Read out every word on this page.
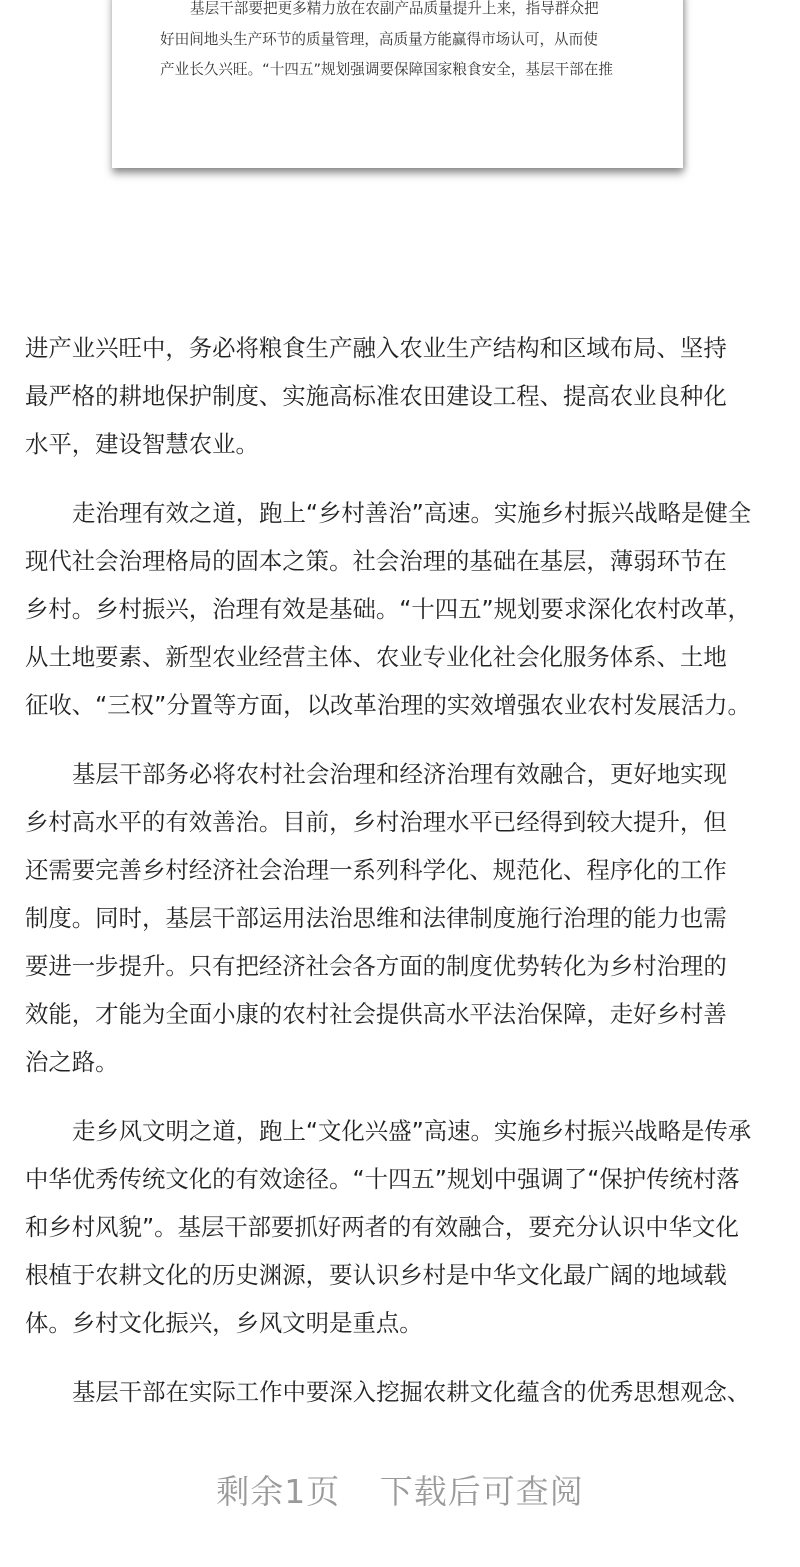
基层干部要把更多精力放在农副产品质量提升上来，指导群众把
好田间地头生产环节的质量管理，高质量方能赢得市场认可，从而使
产业长久兴旺。“十四五”规划强调要保障国家粮食安全，基层干部在推
进产业兴旺中，务必将粮食生产融入农业生产结构和区域布局、坚持
最严格的耕地保护制度、实施高标准农田建设工程、提高农业良种化
水平，建设智慧农业。
走治理有效之道，跑上“乡村善治”高速。实施乡村振兴战略是健全
现代社会治理格局的固本之策。社会治理的基础在基层，薄弱环节在
乡村。乡村振兴，治理有效是基础。“十四五”规划要求深化农村改革，
从土地要素、新型农业经营主体、农业专业化社会化服务体系、土地
征收、“三权”分置等方面，以改革治理的实效增强农业农村发展活力。
基层干部务必将农村社会治理和经济治理有效融合，更好地实现
乡村高水平的有效善治。目前，乡村治理水平已经得到较大提升，但
还需要完善乡村经济社会治理一系列科学化、规范化、程序化的工作
制度。同时，基层干部运用法治思维和法律制度施行治理的能力也需
要进一步提升。只有把经济社会各方面的制度优势转化为乡村治理的
效能，才能为全面小康的农村社会提供高水平法治保障，走好乡村善
治之路。
走乡风文明之道，跑上“文化兴盛”高速。实施乡村振兴战略是传承
中华优秀传统文化的有效途径。“十四五”规划中强调了“保护传统村落
和乡村风貌”。基层干部要抓好两者的有效融合，要充分认识中华文化
根植于农耕文化的历史渊源，要认识乡村是中华文化最广阔的地域载
体。乡村文化振兴，乡风文明是重点。
基层干部在实际工作中要深入挖掘农耕文化蕴含的优秀思想观念、
剩余1页 下载后可查阅
